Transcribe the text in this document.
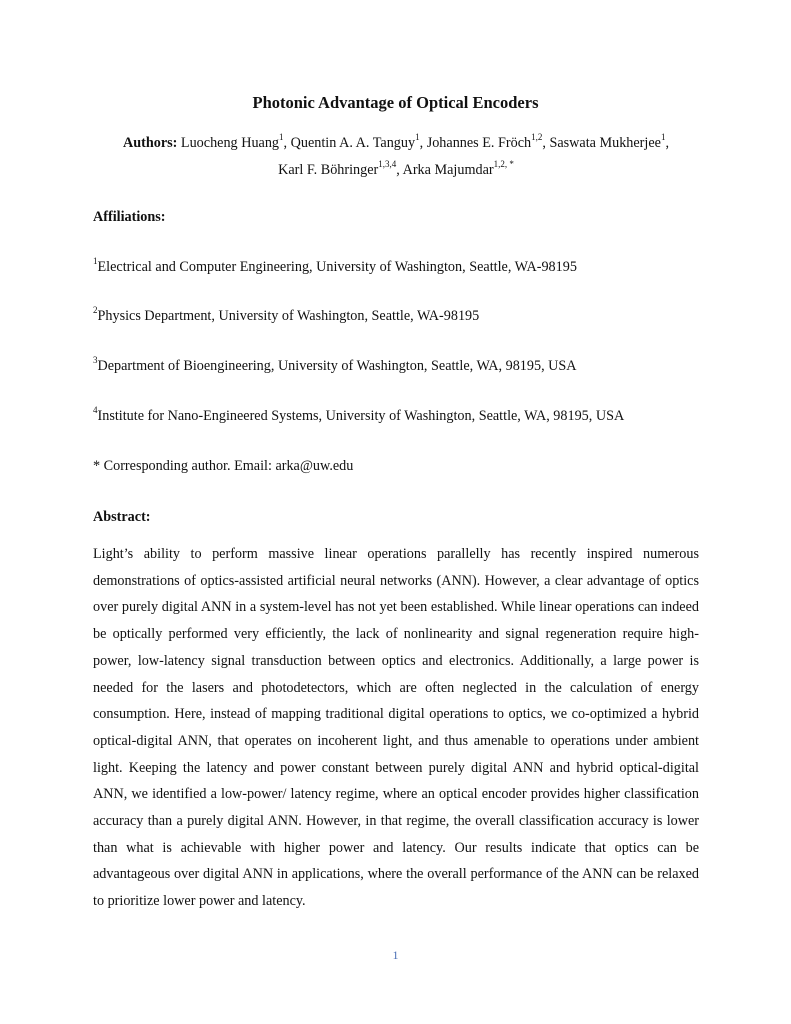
Photonic Advantage of Optical Encoders
Authors: Luocheng Huang$^1$, Quentin A. A. Tanguy$^1$, Johannes E. Fröch$^{1,2}$, Saswata Mukherjee$^1$,
Karl F. Böhringer$^{1,3,4}$, Arka Majumdar$^{1,2, *}$
Affiliations:
$^1$Electrical and Computer Engineering, University of Washington, Seattle, WA-98195
$^2$Physics Department, University of Washington, Seattle, WA-98195
$^3$Department of Bioengineering, University of Washington, Seattle, WA, 98195, USA
$^4$Institute for Nano-Engineered Systems, University of Washington, Seattle, WA, 98195, USA
* Corresponding author. Email: arka@uw.edu
Abstract:
Light’s ability to perform massive linear operations parallelly has recently inspired numerous demonstrations of optics-assisted artificial neural networks (ANN). However, a clear advantage of optics over purely digital ANN in a system-level has not yet been established. While linear operations can indeed be optically performed very efficiently, the lack of nonlinearity and signal regeneration require high-power, low-latency signal transduction between optics and electronics. Additionally, a large power is needed for the lasers and photodetectors, which are often neglected in the calculation of energy consumption. Here, instead of mapping traditional digital operations to optics, we co-optimized a hybrid optical-digital ANN, that operates on incoherent light, and thus amenable to operations under ambient light. Keeping the latency and power constant between purely digital ANN and hybrid optical-digital ANN, we identified a low-power/ latency regime, where an optical encoder provides higher classification accuracy than a purely digital ANN. However, in that regime, the overall classification accuracy is lower than what is achievable with higher power and latency. Our results indicate that optics can be advantageous over digital ANN in applications, where the overall performance of the ANN can be relaxed to prioritize lower power and latency.
1
